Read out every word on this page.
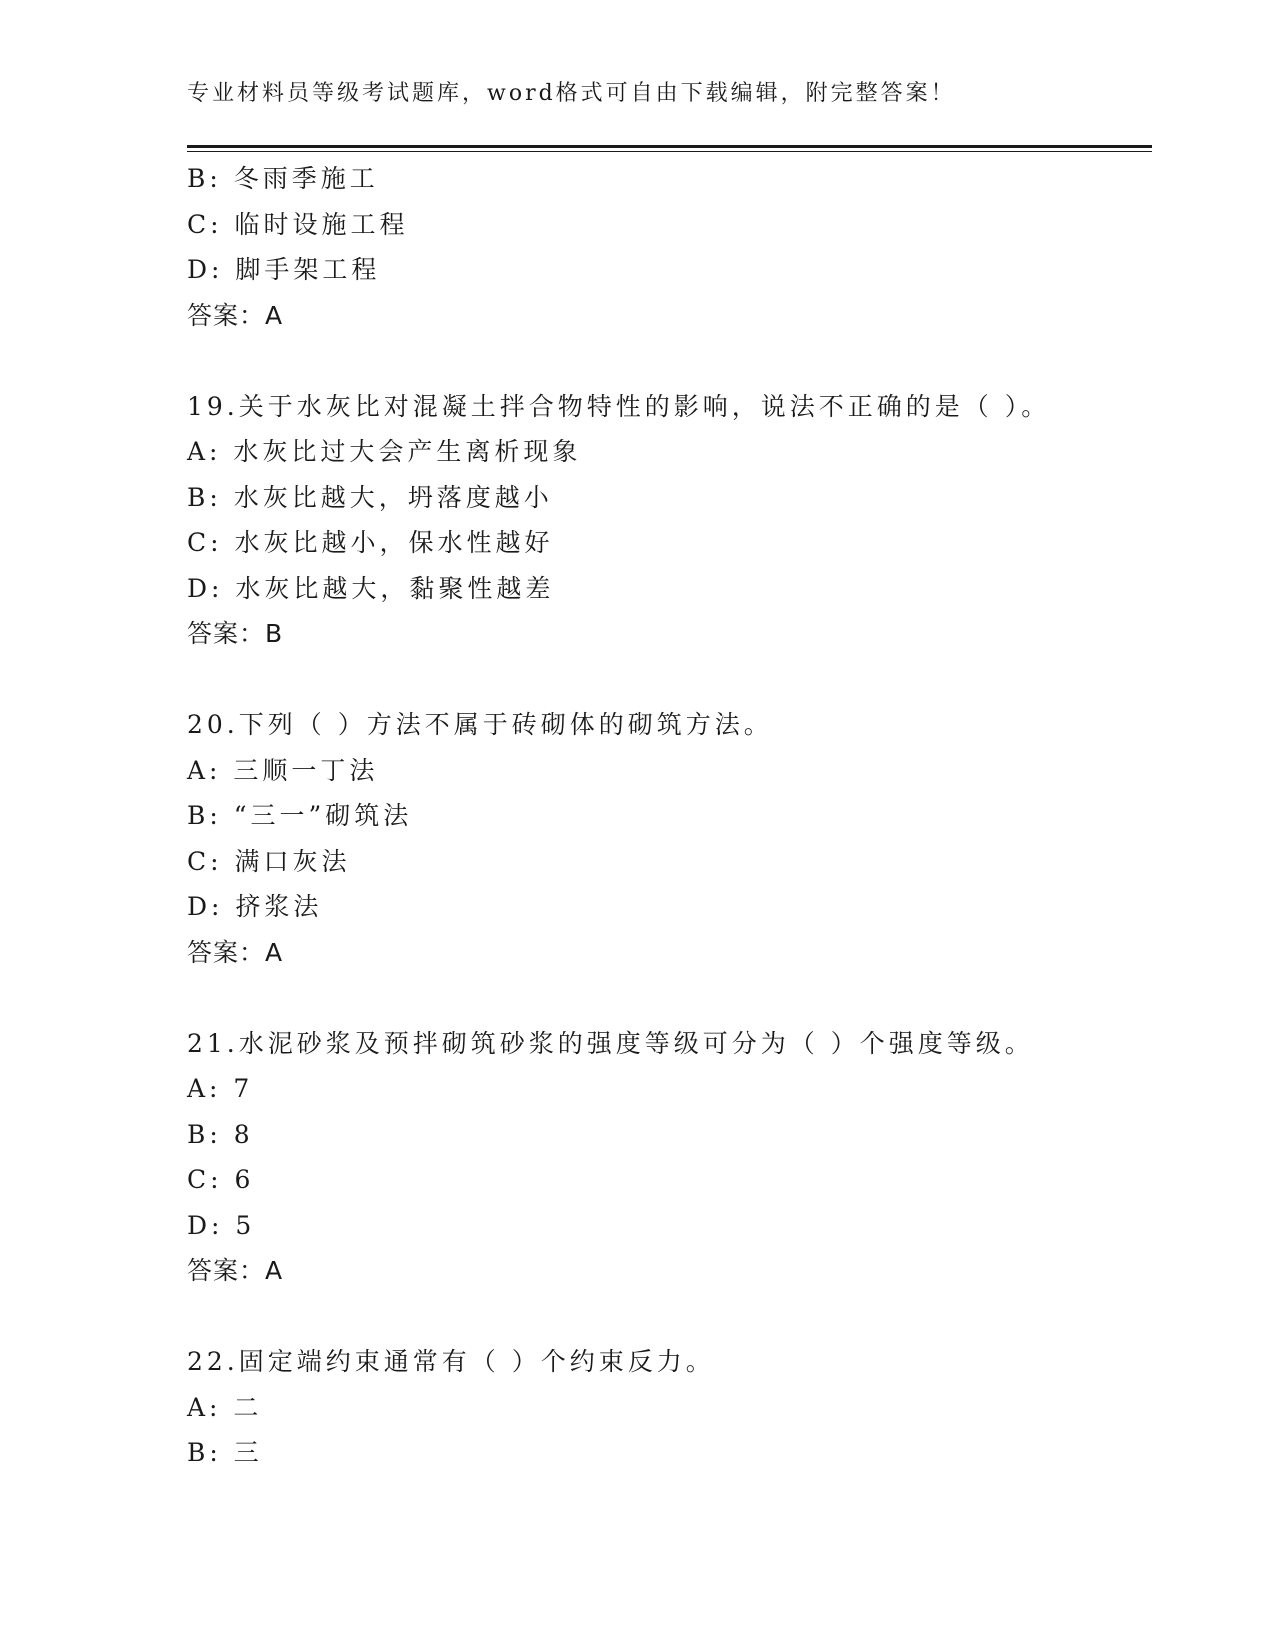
专业材料员等级考试题库，word格式可自由下载编辑，附完整答案！
B: 冬雨季施工
C: 临时设施工程
D: 脚手架工程
答案：A
19.关于水灰比对混凝土拌合物特性的影响，说法不正确的是（ ）。
A: 水灰比过大会产生离析现象
B: 水灰比越大，坍落度越小
C: 水灰比越小，保水性越好
D: 水灰比越大，黏聚性越差
答案：B
20.下列（ ）方法不属于砖砌体的砌筑方法。
A: 三顺一丁法
B: “三一”砌筑法
C: 满口灰法
D: 挤浆法
答案：A
21.水泥砂浆及预拌砌筑砂浆的强度等级可分为（ ）个强度等级。
A: 7
B: 8
C: 6
D: 5
答案：A
22.固定端约束通常有（ ）个约束反力。
A: 二
B: 三
